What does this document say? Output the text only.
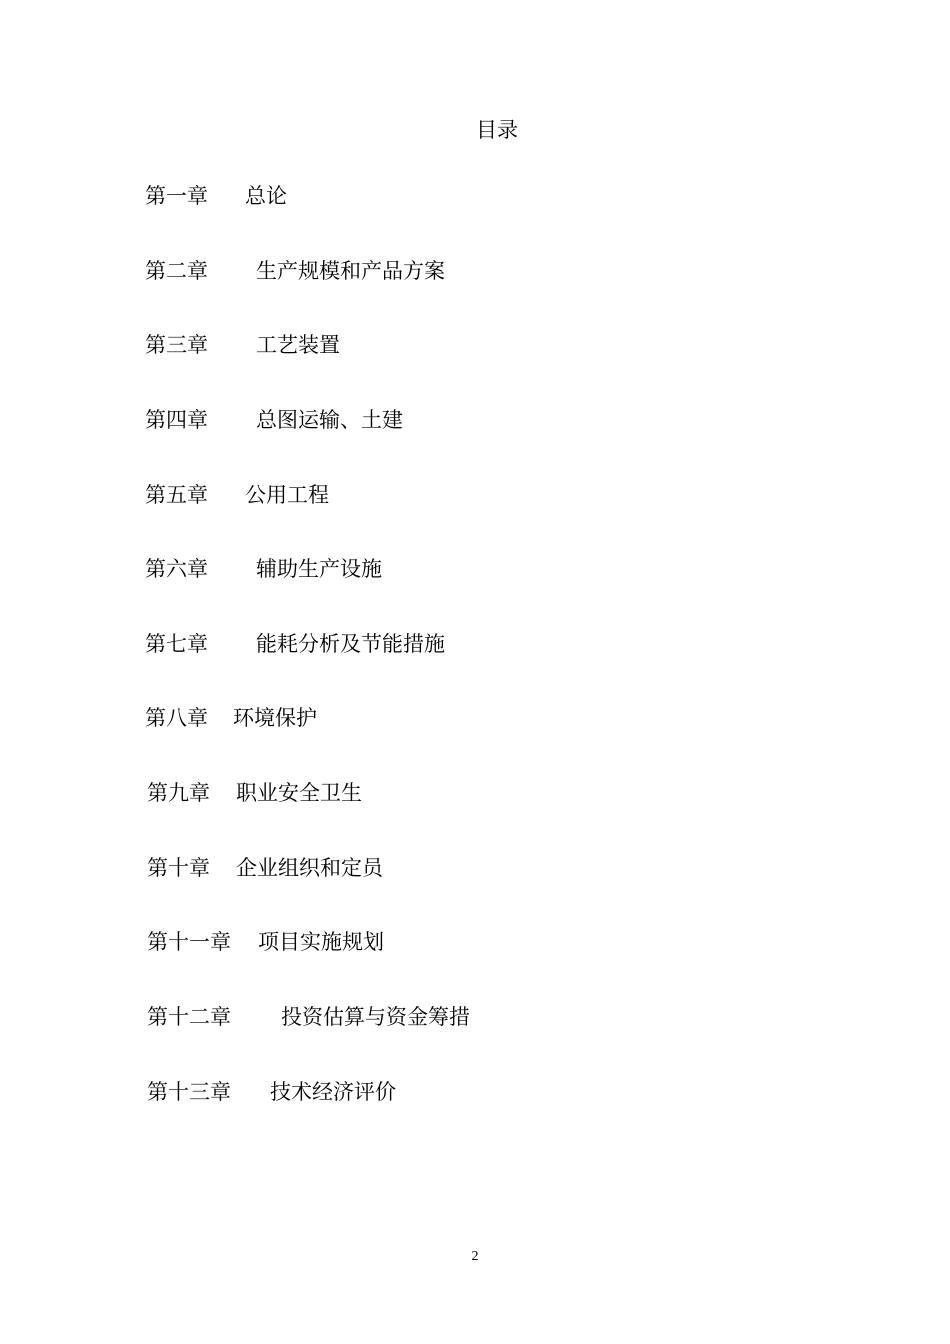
目录
第一章 总论
第二章 生产规模和产品方案
第三章 工艺装置
第四章 总图运输、土建
第五章 公用工程
第六章 辅助生产设施
第七章 能耗分析及节能措施
第八章 环境保护
第九章 职业安全卫生
第十章 企业组织和定员
第十一章 项目实施规划
第十二章 投资估算与资金筹措
第十三章 技术经济评价
2
